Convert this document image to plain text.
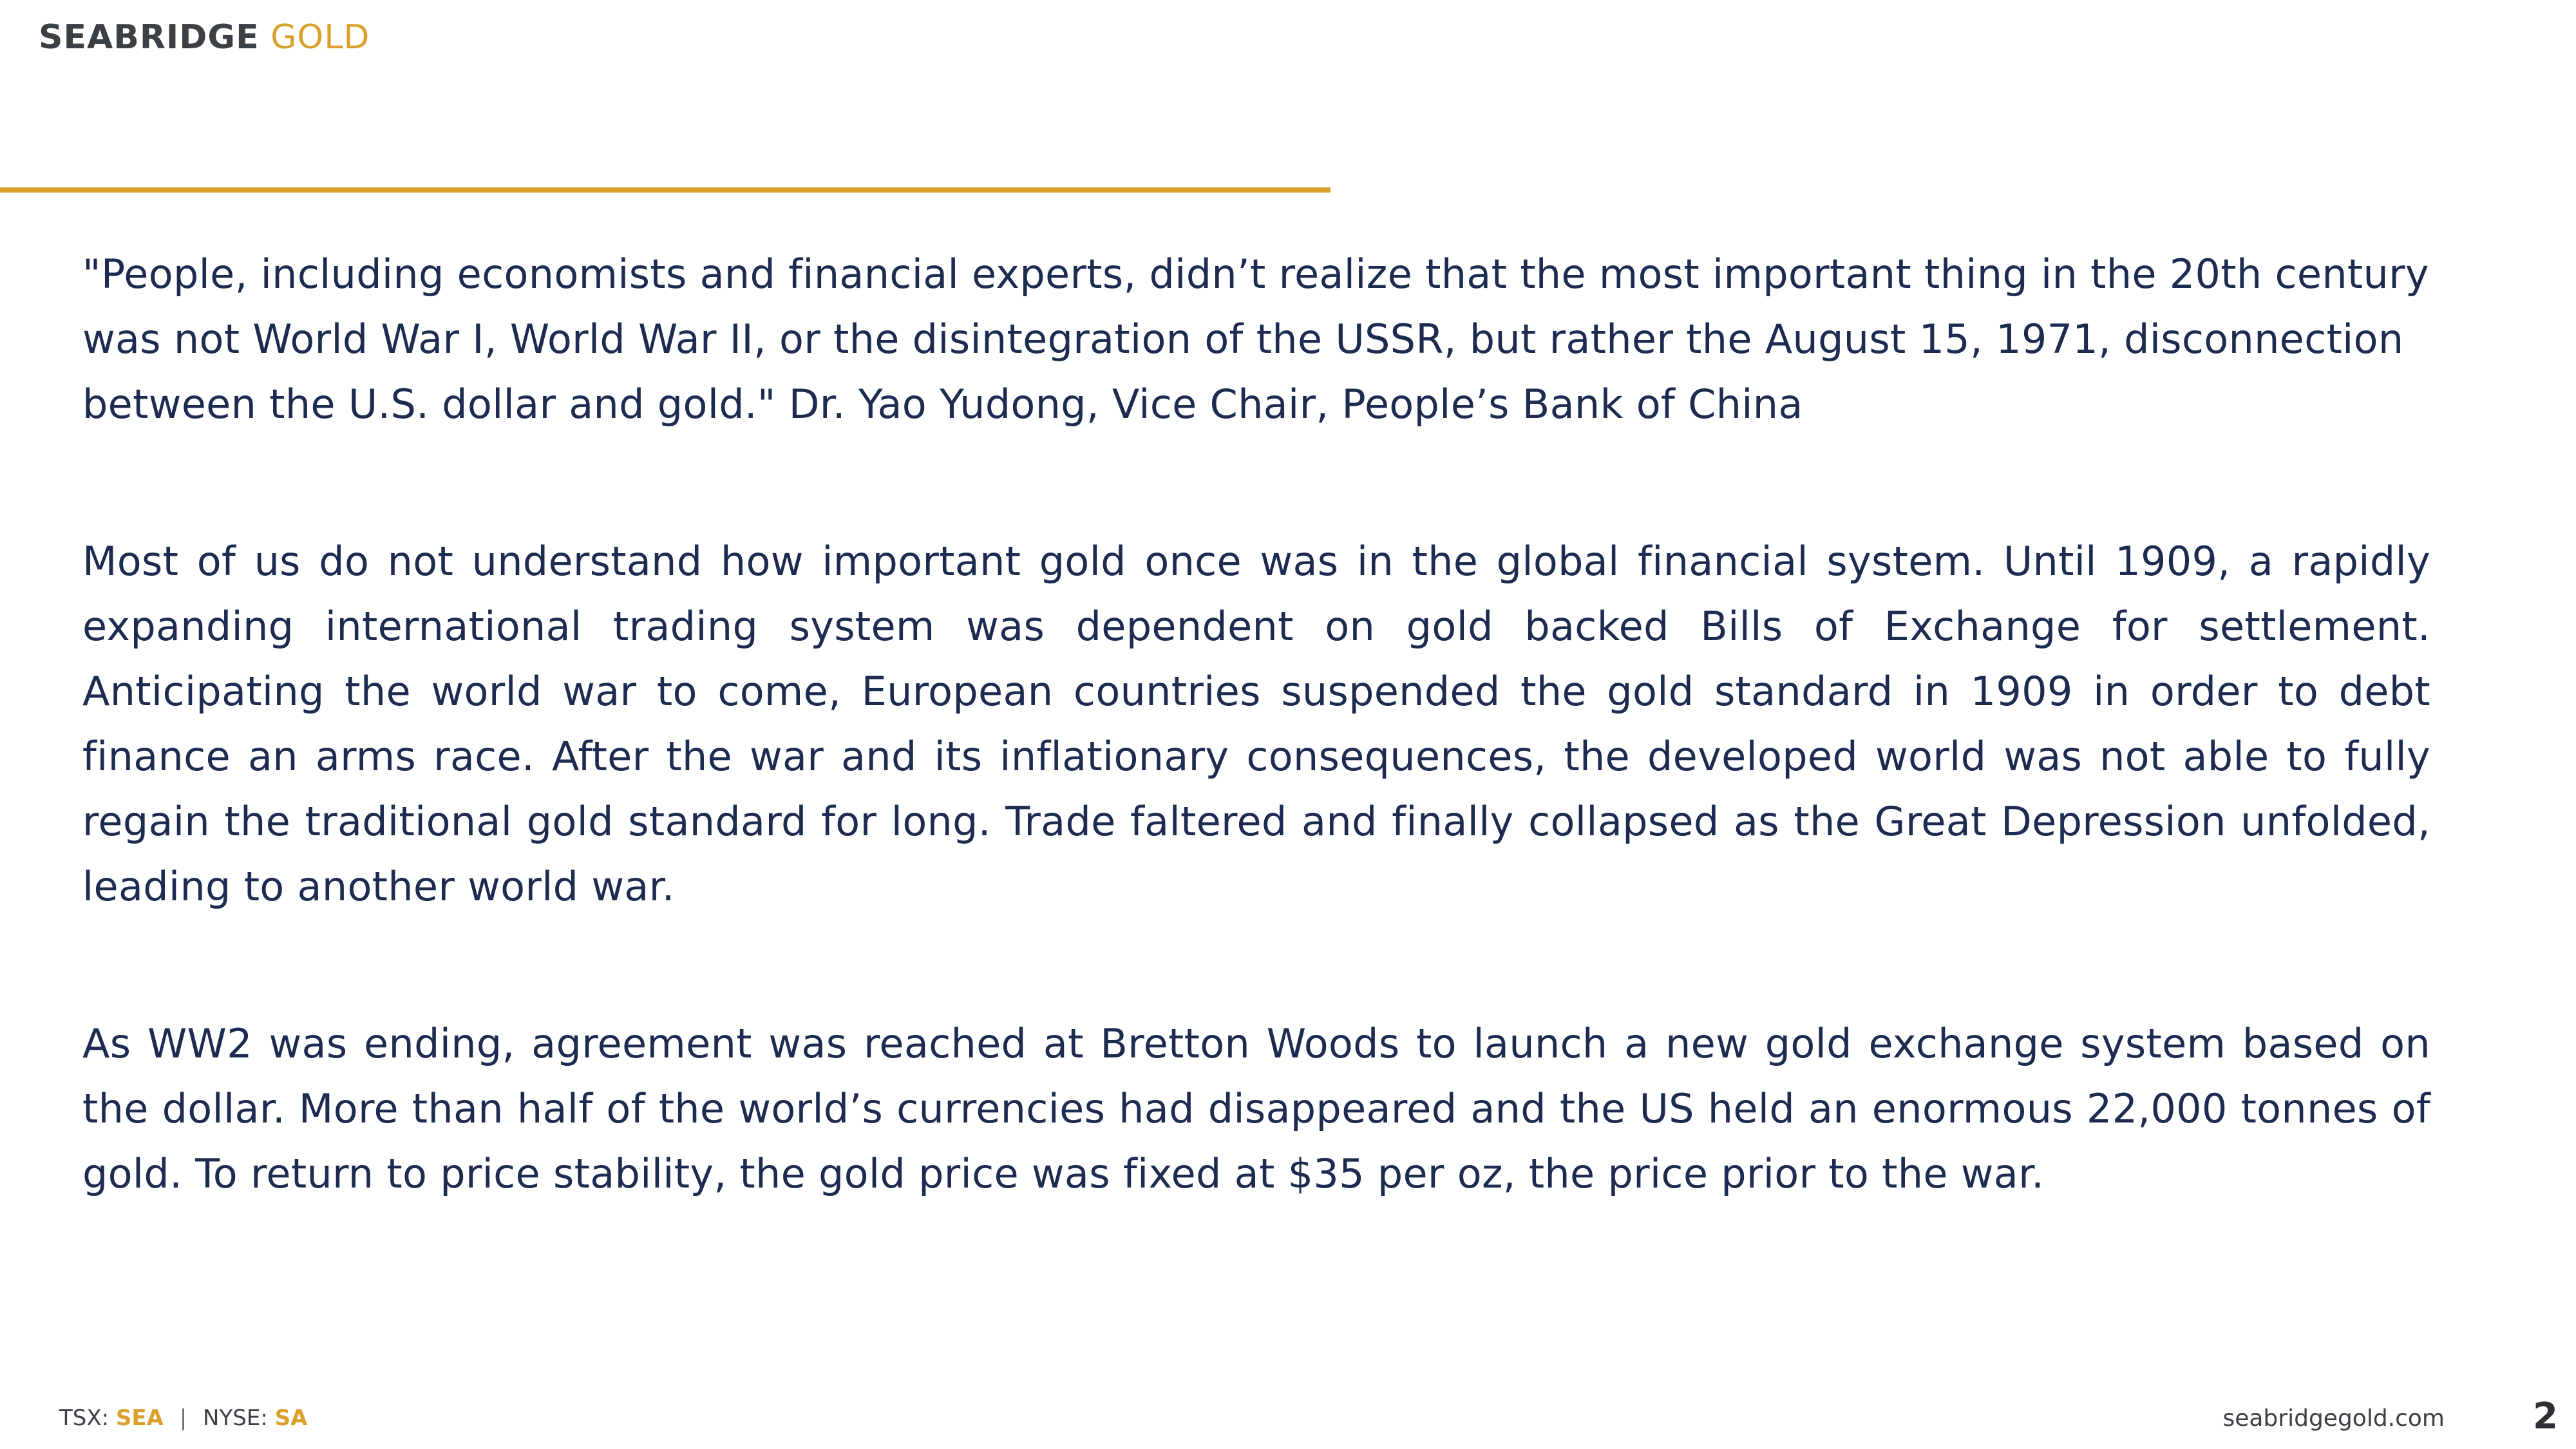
SEABRIDGE GOLD

"People, including economists and financial experts, didn’t realize that the most important thing in the 20th century was not World War I, World War II, or the disintegration of the USSR, but rather the August 15, 1971, disconnection between the U.S. dollar and gold." Dr. Yao Yudong, Vice Chair, People’s Bank of China

Most of us do not understand how important gold once was in the global financial system. Until 1909, a rapidly expanding international trading system was dependent on gold backed Bills of Exchange for settlement. Anticipating the world war to come, European countries suspended the gold standard in 1909 in order to debt finance an arms race. After the war and its inflationary consequences, the developed world was not able to fully regain the traditional gold standard for long. Trade faltered and finally collapsed as the Great Depression unfolded, leading to another world war.

As WW2 was ending, agreement was reached at Bretton Woods to launch a new gold exchange system based on the dollar. More than half of the world’s currencies had disappeared and the US held an enormous 22,000 tonnes of gold. To return to price stability, the gold price was fixed at $35 per oz, the price prior to the war.

TSX: SEA | NYSE: SA	seabridgegold.com 2
